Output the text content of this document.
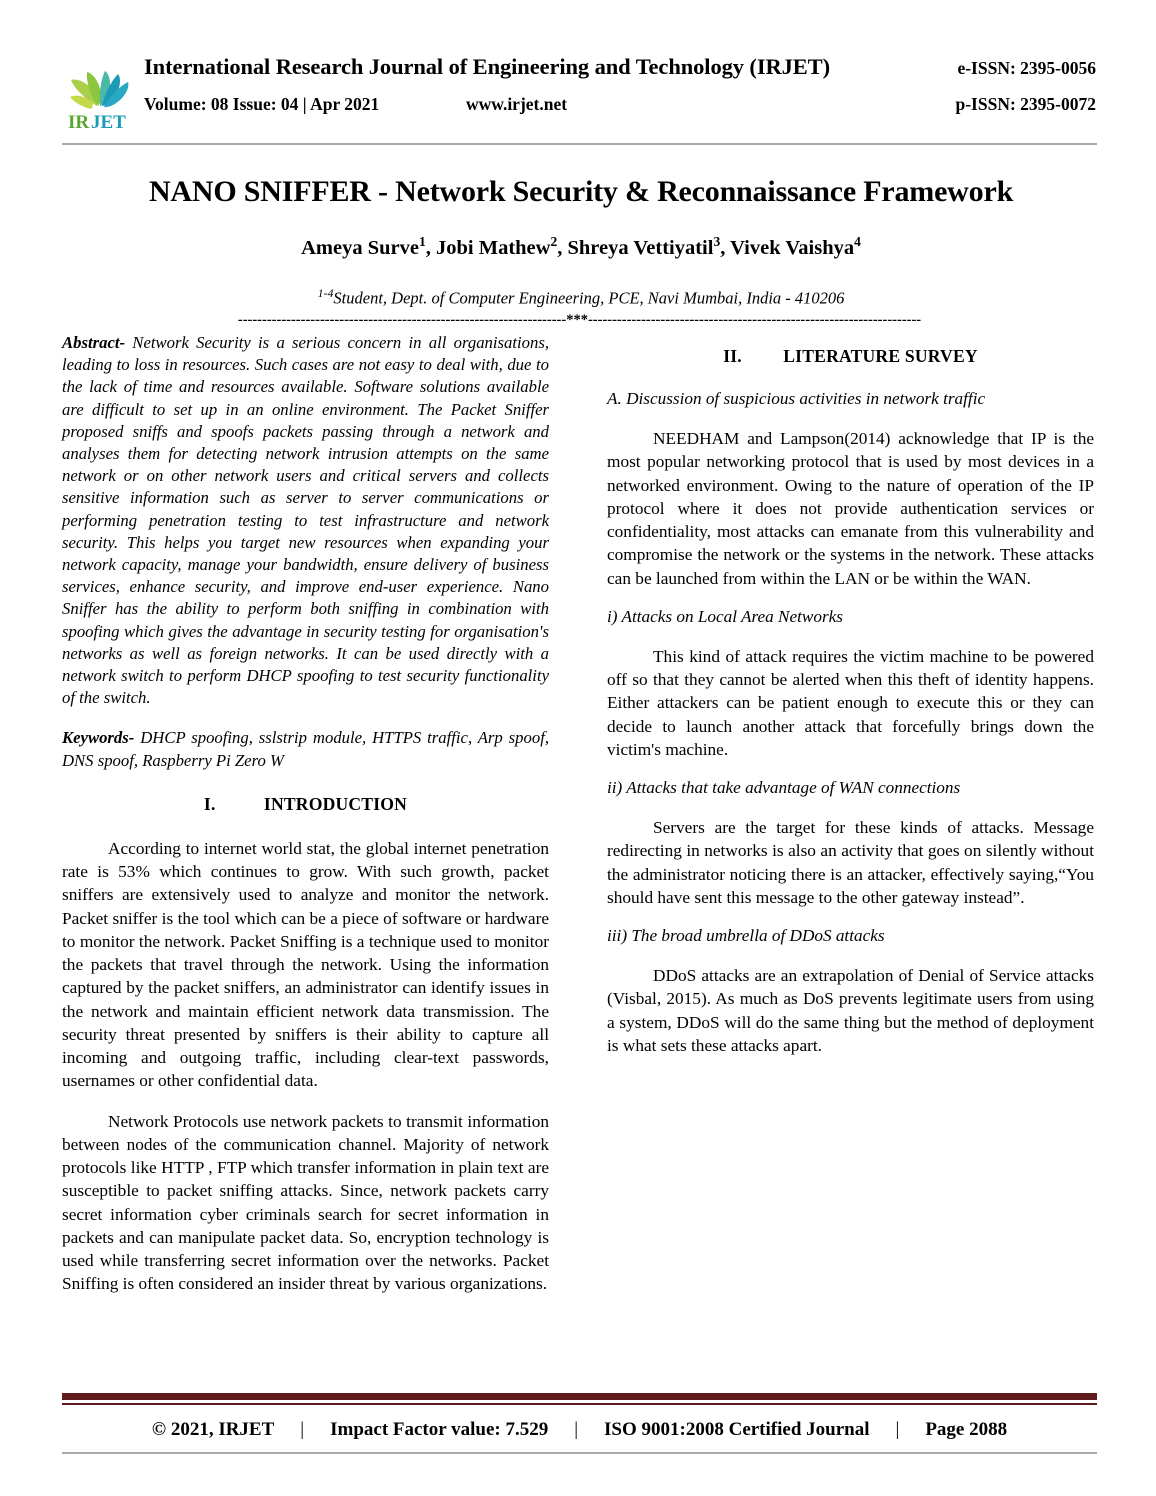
IR JET
International Research Journal of Engineering and Technology (IRJET)	e-ISSN: 2395-0056
Volume: 08 Issue: 04 | Apr 2021	www.irjet.net	p-ISSN: 2395-0072
NANO SNIFFER - Network Security & Reconnaissance Framework
Ameya Surve$^1$, Jobi Mathew$^2$, Shreya Vettiyatil$^3$, Vivek Vaishya$^4$
$^{1-4}$Student, Dept. of Computer Engineering, PCE, Navi Mumbai, India - 410206
--------------------------------------------------------------------***---------------------------------------------------------------------

Abstract- Network Security is a serious concern in all organisations, leading to loss in resources. Such cases are not easy to deal with, due to the lack of time and resources available. Software solutions available are difficult to set up in an online environment. The Packet Sniffer proposed sniffs and spoofs packets passing through a network and analyses them for detecting network intrusion attempts on the same network or on other network users and critical servers and collects sensitive information such as server to server communications or performing penetration testing to test infrastructure and network security. This helps you target new resources when expanding your network capacity, manage your bandwidth, ensure delivery of business services, enhance security, and improve end-user experience. Nano Sniffer has the ability to perform both sniffing in combination with spoofing which gives the advantage in security testing for organisation's networks as well as foreign networks. It can be used directly with a network switch to perform DHCP spoofing to test security functionality of the switch.

Keywords- DHCP spoofing, sslstrip module, HTTPS traffic, Arp spoof, DNS spoof, Raspberry Pi Zero W

I.	INTRODUCTION

According to internet world stat, the global internet penetration rate is 53% which continues to grow. With such growth, packet sniffers are extensively used to analyze and monitor the network. Packet sniffer is the tool which can be a piece of software or hardware to monitor the network. Packet Sniffing is a technique used to monitor the packets that travel through the network. Using the information captured by the packet sniffers, an administrator can identify issues in the network and maintain efficient network data transmission. The security threat presented by sniffers is their ability to capture all incoming and outgoing traffic, including clear-text passwords, usernames or other confidential data.

Network Protocols use network packets to transmit information between nodes of the communication channel. Majority of network protocols like HTTP , FTP which transfer information in plain text are susceptible to packet sniffing attacks. Since, network packets carry secret information cyber criminals search for secret information in packets and can manipulate packet data. So, encryption technology is used while transferring secret information over the networks. Packet Sniffing is often considered an insider threat by various organizations.

II. LITERATURE SURVEY
A. Discussion of suspicious activities in network traffic

NEEDHAM and Lampson(2014) acknowledge that IP is the most popular networking protocol that is used by most devices in a networked environment. Owing to the nature of operation of the IP protocol where it does not provide authentication services or confidentiality, most attacks can emanate from this vulnerability and compromise the network or the systems in the network. These attacks can be launched from within the LAN or be within the WAN.

i) Attacks on Local Area Networks

This kind of attack requires the victim machine to be powered off so that they cannot be alerted when this theft of identity happens. Either attackers can be patient enough to execute this or they can decide to launch another attack that forcefully brings down the victim's machine.

ii) Attacks that take advantage of WAN connections

Servers are the target for these kinds of attacks. Message redirecting in networks is also an activity that goes on silently without the administrator noticing there is an attacker, effectively saying,“You should have sent this message to the other gateway instead”.

iii) The broad umbrella of DDoS attacks

DDoS attacks are an extrapolation of Denial of Service attacks (Visbal, 2015). As much as DoS prevents legitimate users from using a system, DDoS will do the same thing but the method of deployment is what sets these attacks apart.

© 2021, IRJET	|	Impact Factor value: 7.529	|	ISO 9001:2008 Certified Journal	|	Page 2088
